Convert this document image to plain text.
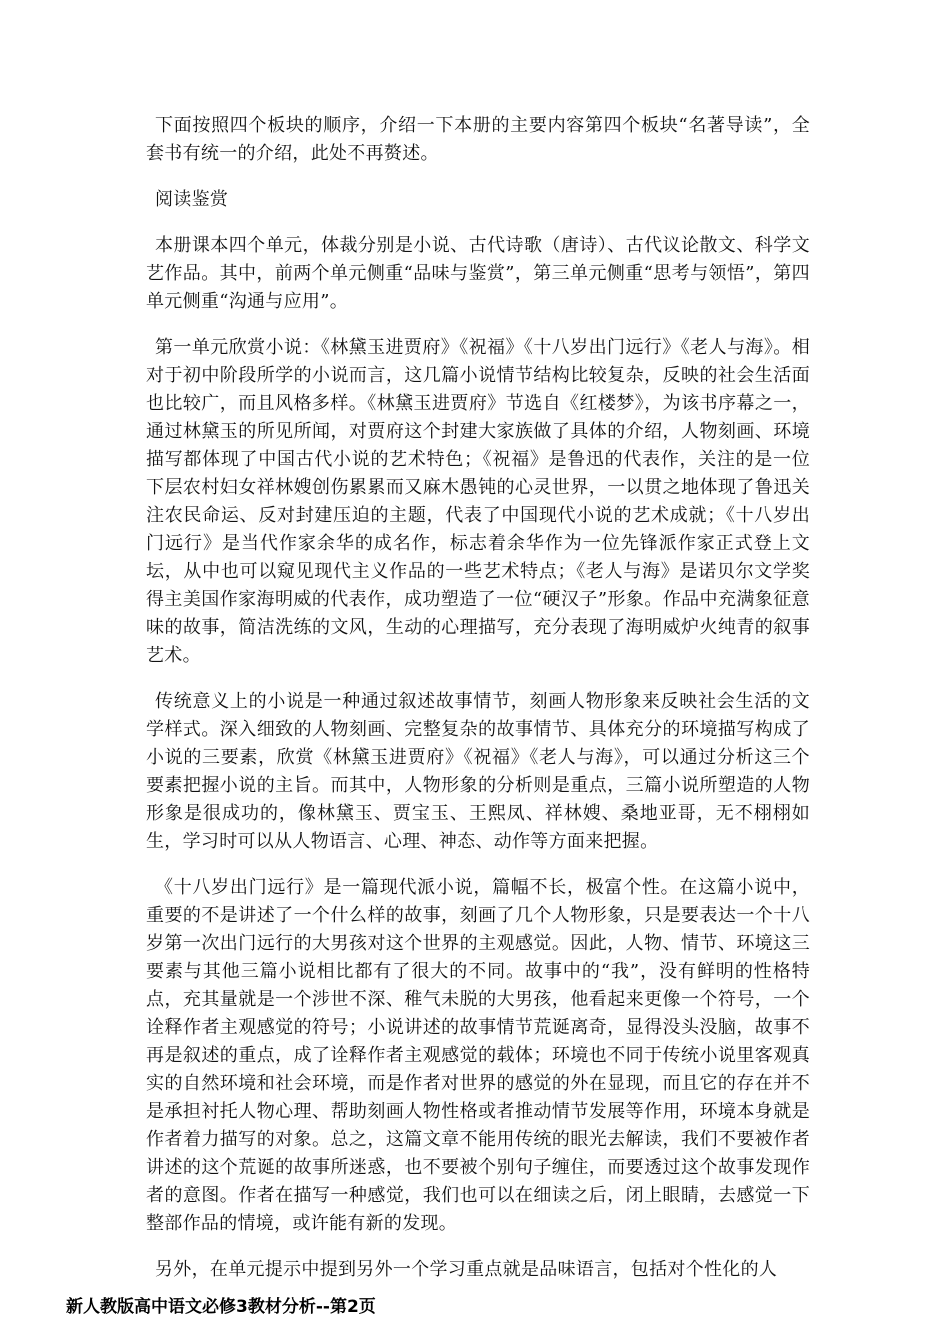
下面按照四个板块的顺序，介绍一下本册的主要内容第四个板块“名著导读”，全套书有统一的介绍，此处不再赘述。

阅读鉴赏

本册课本四个单元，体裁分别是小说、古代诗歌（唐诗）、古代议论散文、科学文艺作品。其中，前两个单元侧重“品味与鉴赏”，第三单元侧重“思考与领悟”，第四单元侧重“沟通与应用”。

第一单元欣赏小说：《林黛玉进贾府》《祝福》《十八岁出门远行》《老人与海》。相对于初中阶段所学的小说而言，这几篇小说情节结构比较复杂，反映的社会生活面也比较广，而且风格多样。《林黛玉进贾府》节选自《红楼梦》，为该书序幕之一，通过林黛玉的所见所闻，对贾府这个封建大家族做了具体的介绍，人物刻画、环境描写都体现了中国古代小说的艺术特色；《祝福》是鲁迅的代表作，关注的是一位下层农村妇女祥林嫂创伤累累而又麻木愚钝的心灵世界，一以贯之地体现了鲁迅关注农民命运、反对封建压迫的主题，代表了中国现代小说的艺术成就；《十八岁出门远行》是当代作家余华的成名作，标志着余华作为一位先锋派作家正式登上文坛，从中也可以窥见现代主义作品的一些艺术特点；《老人与海》是诺贝尔文学奖得主美国作家海明威的代表作，成功塑造了一位“硬汉子”形象。作品中充满象征意味的故事，简洁洗练的文风，生动的心理描写，充分表现了海明威炉火纯青的叙事艺术。

传统意义上的小说是一种通过叙述故事情节，刻画人物形象来反映社会生活的文学样式。深入细致的人物刻画、完整复杂的故事情节、具体充分的环境描写构成了小说的三要素，欣赏《林黛玉进贾府》《祝福》《老人与海》，可以通过分析这三个要素把握小说的主旨。而其中，人物形象的分析则是重点，三篇小说所塑造的人物形象是很成功的，像林黛玉、贾宝玉、王熙凤、祥林嫂、桑地亚哥，无不栩栩如生，学习时可以从人物语言、心理、神态、动作等方面来把握。

《十八岁出门远行》是一篇现代派小说，篇幅不长，极富个性。在这篇小说中，重要的不是讲述了一个什么样的故事，刻画了几个人物形象，只是要表达一个十八岁第一次出门远行的大男孩对这个世界的主观感觉。因此，人物、情节、环境这三要素与其他三篇小说相比都有了很大的不同。故事中的“我”，没有鲜明的性格特点，充其量就是一个涉世不深、稚气未脱的大男孩，他看起来更像一个符号，一个诠释作者主观感觉的符号；小说讲述的故事情节荒诞离奇，显得没头没脑，故事不再是叙述的重点，成了诠释作者主观感觉的载体；环境也不同于传统小说里客观真实的自然环境和社会环境，而是作者对世界的感觉的外在显现，而且它的存在并不是承担衬托人物心理、帮助刻画人物性格或者推动情节发展等作用，环境本身就是作者着力描写的对象。总之，这篇文章不能用传统的眼光去解读，我们不要被作者讲述的这个荒诞的故事所迷惑，也不要被个别句子缠住，而要透过这个故事发现作者的意图。作者在描写一种感觉，我们也可以在细读之后，闭上眼睛，去感觉一下整部作品的情境，或许能有新的发现。

另外，在单元提示中提到另外一个学习重点就是品味语言，包括对个性化的人

新人教版高中语文必修3教材分析--第2页
